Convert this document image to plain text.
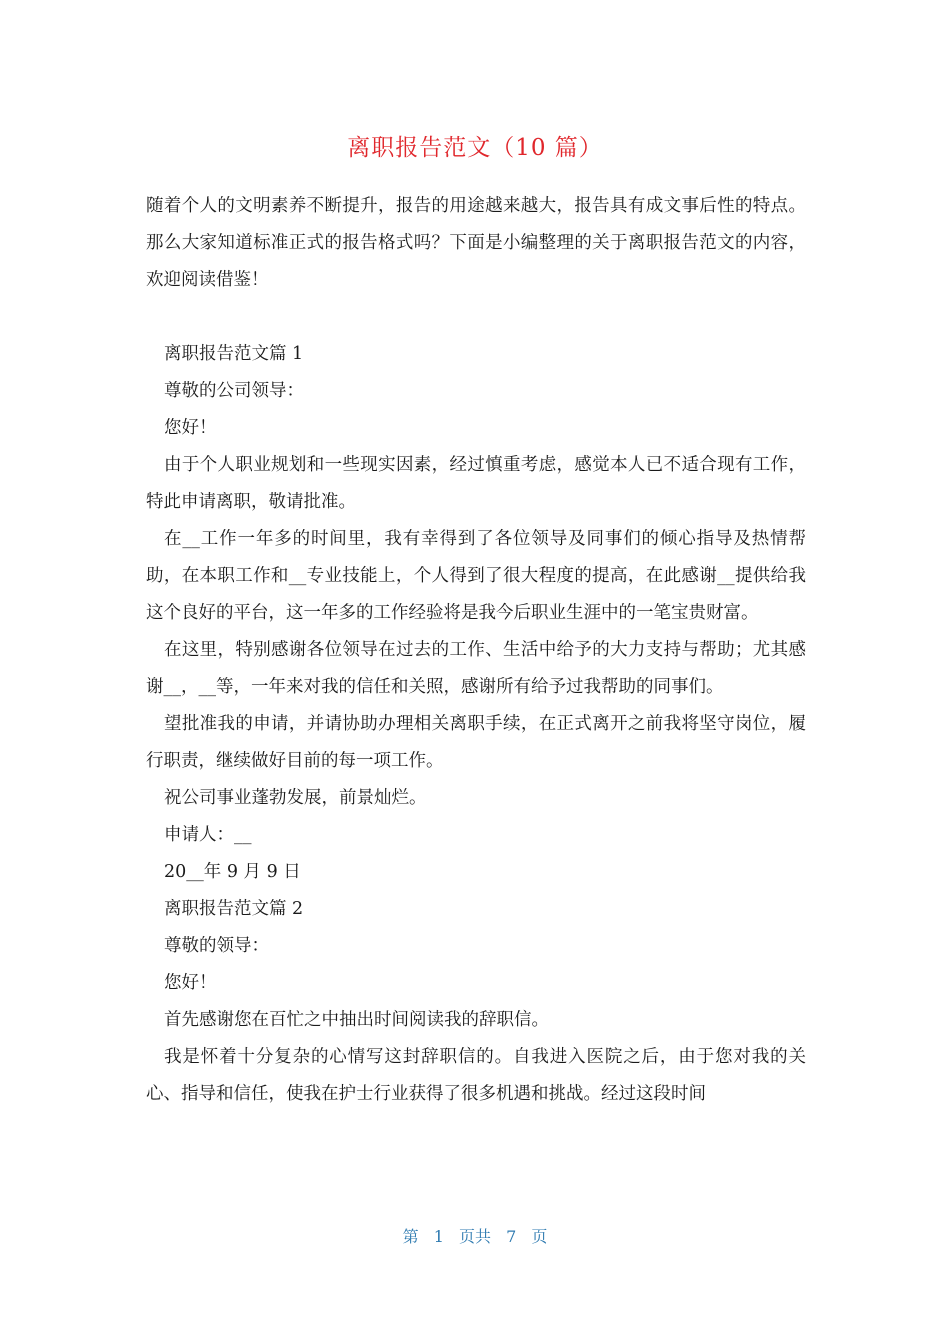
离职报告范文（10 篇）

随着个人的文明素养不断提升，报告的用途越来越大，报告具有成文事后性的特点。那么大家知道标准正式的报告格式吗？下面是小编整理的关于离职报告范文的内容，欢迎阅读借鉴！

离职报告范文篇 1

尊敬的公司领导：

您好！

由于个人职业规划和一些现实因素，经过慎重考虑，感觉本人已不适合现有工作，特此申请离职，敬请批准。

在__工作一年多的时间里，我有幸得到了各位领导及同事们的倾心指导及热情帮助，在本职工作和__专业技能上，个人得到了很大程度的提高，在此感谢__提供给我这个良好的平台，这一年多的工作经验将是我今后职业生涯中的一笔宝贵财富。

在这里，特别感谢各位领导在过去的工作、生活中给予的大力支持与帮助；尤其感谢__，__等，一年来对我的信任和关照，感谢所有给予过我帮助的同事们。

望批准我的申请，并请协助办理相关离职手续，在正式离开之前我将坚守岗位，履行职责，继续做好目前的每一项工作。

祝公司事业蓬勃发展，前景灿烂。

申请人：__

20__年 9 月 9 日

离职报告范文篇 2

尊敬的领导：

您好！

首先感谢您在百忙之中抽出时间阅读我的辞职信。

我是怀着十分复杂的心情写这封辞职信的。自我进入医院之后，由于您对我的关心、指导和信任，使我在护士行业获得了很多机遇和挑战。经过这段时间

第 1 页共 7 页
